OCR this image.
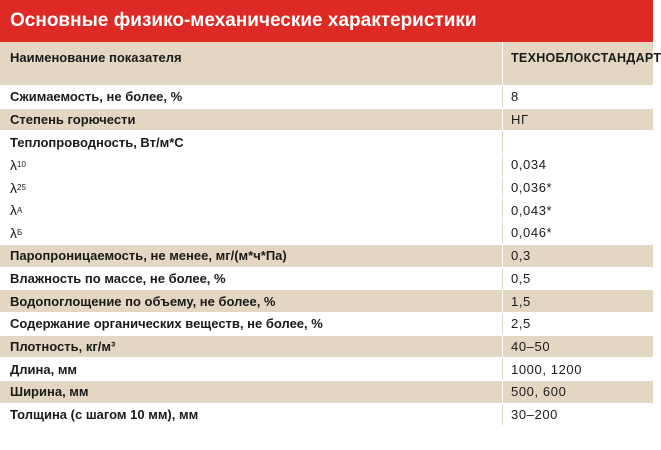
Основные физико-механические характеристики
Наименование показателя	ТЕХНОБЛОК СТАНДАРТ
Сжимаемость, не более, %	8
Степень горючести	НГ
Теплопроводность, Вт/м*С
λ 10	0,034
λ 25	0,036*
λ А	0,043*
λ Б	0,046*
Паропроницаемость, не менее, мг/(м*ч*Па)	0,3
Влажность по массе, не более, %	0,5
Водопоглощение по объему, не более, %	1,5
Содержание органических веществ, не более, %	2,5
Плотность, кг/м³	40–50
Длина, мм	1000, 1200
Ширина, мм	500, 600
Толщина (с шагом 10 мм), мм	30–200
